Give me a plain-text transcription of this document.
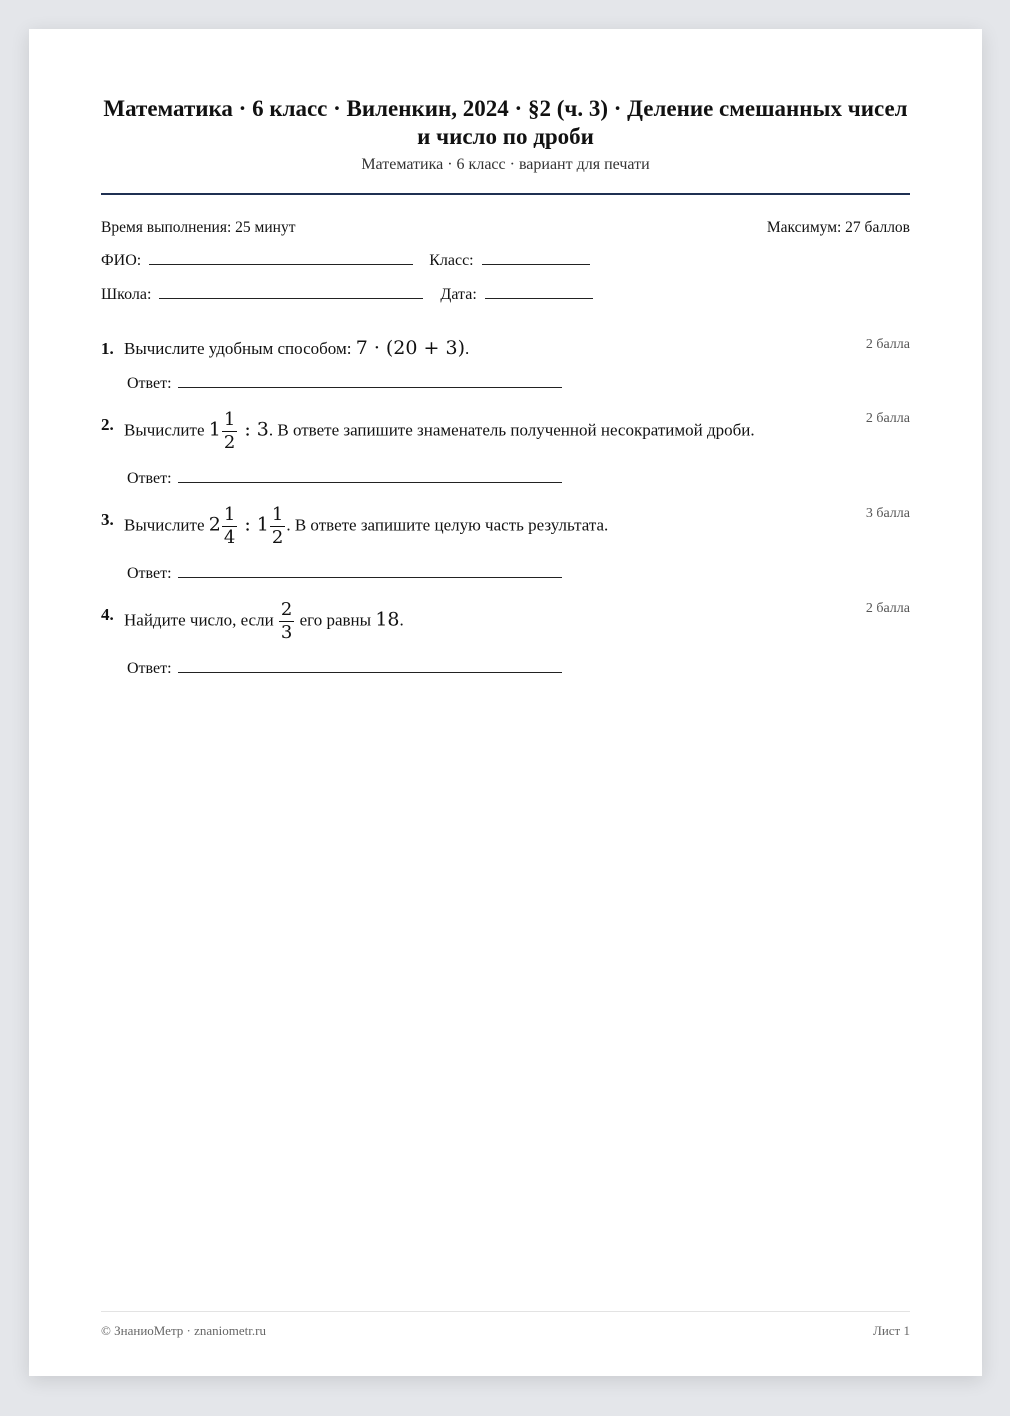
Математика · 6 класс · Виленкин, 2024 · §2 (ч. 3) · Деление смешанных чисел и число по дроби
Математика · 6 класс · вариант для печати
Время выполнения: 25 минут	Максимум: 27 баллов
ФИО:	Класс:
Школа:	Дата:
1. Вычислите удобным способом: 7 · (20 + 3).	2 балла
Ответ:
2. Вычислите $1 \frac{1}{2}$ : 3. В ответе запишите знаменатель полученной несократимой дроби.
2 балла
Ответ:
3. Вычислите $2 \frac{1}{4}$ : $1 \frac{1}{2}$ . В ответе запишите целую часть результата.
3 балла
Ответ:
4. Найдите число, если $\frac{2}{3}$ его равны 18.
2 балла
Ответ:
© ЗнаниоМетр · znaniometr.ru	Лист 1
